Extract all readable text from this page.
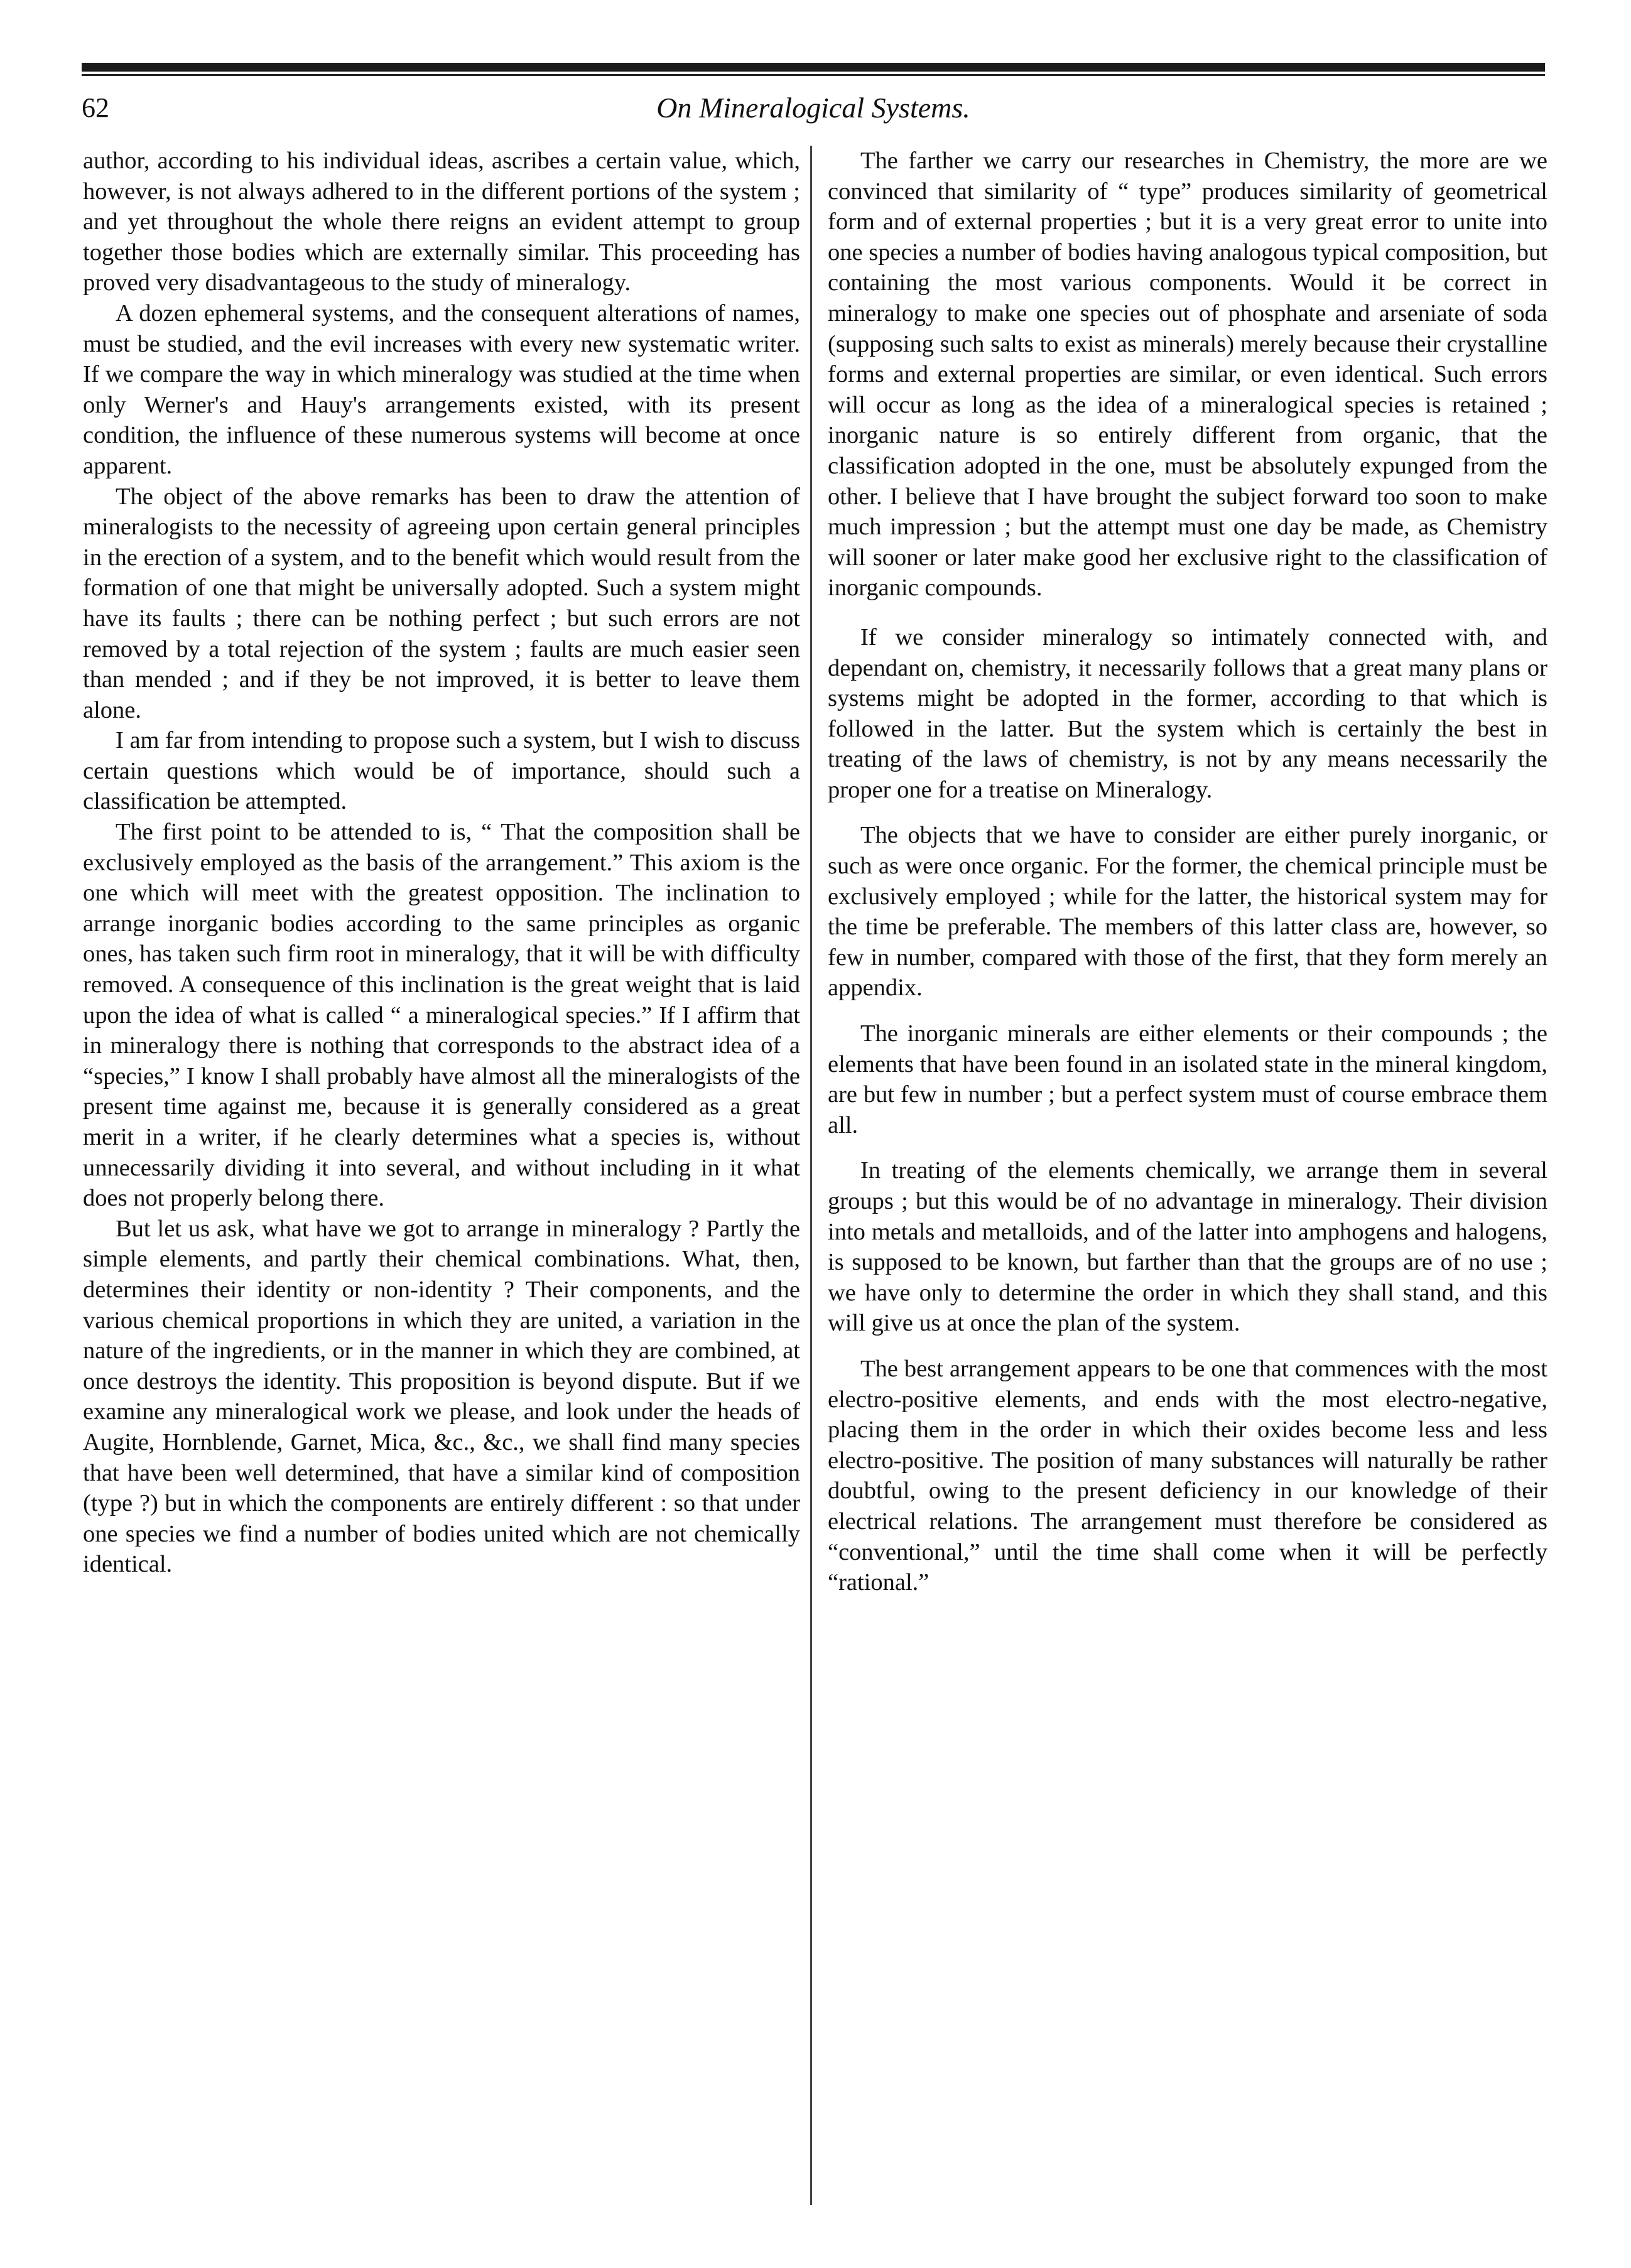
62	On Mineralogical Systems.

author, according to his individual ideas, ascribes a certain value, which, however, is not always adhered to in the different portions of the system ; and yet throughout the whole there reigns an evident attempt to group together those bodies which are externally similar. This proceeding has proved very disadvantageous to the study of mineralogy.

A dozen ephemeral systems, and the consequent alterations of names, must be studied, and the evil increases with every new systematic writer. If we compare the way in which mineralogy was studied at the time when only Werner's and Hauy's arrangements existed, with its present condition, the influence of these numerous systems will become at once apparent.

The object of the above remarks has been to draw the attention of mineralogists to the necessity of agreeing upon certain general principles in the erection of a system, and to the benefit which would result from the formation of one that might be universally adopted. Such a system might have its faults ; there can be nothing perfect ; but such errors are not removed by a total rejection of the system ; faults are much easier seen than mended ; and if they be not improved, it is better to leave them alone.

I am far from intending to propose such a system, but I wish to discuss certain questions which would be of importance, should such a classification be attempted.

The first point to be attended to is, “ That the composition shall be exclusively employed as the basis of the arrangement.” This axiom is the one which will meet with the greatest opposition. The inclination to arrange inorganic bodies according to the same principles as organic ones, has taken such firm root in mineralogy, that it will be with difficulty removed. A consequence of this inclination is the great weight that is laid upon the idea of what is called “ a mineralogical species.” If I affirm that in mineralogy there is nothing that corresponds to the abstract idea of a “species,” I know I shall probably have almost all the mineralogists of the present time against me, because it is generally considered as a great merit in a writer, if he clearly determines what a species is, without unnecessarily dividing it into several, and without including in it what does not properly belong there.

But let us ask, what have we got to arrange in mineralogy ? Partly the simple elements, and partly their chemical combinations. What, then, determines their identity or non-identity ? Their components, and the various chemical proportions in which they are united, a variation in the nature of the ingredients, or in the manner in which they are combined, at once destroys the identity. This proposition is beyond dispute. But if we examine any mineralogical work we please, and look under the heads of Augite, Hornblende, Garnet, Mica, &c., &c., we shall find many species that have been well determined, that have a similar kind of composition (type ?) but in which the components are entirely different : so that under one species we find a number of bodies united which are not chemically identical.

The farther we carry our researches in Chemistry, the more are we convinced that similarity of “ type” produces similarity of geometrical form and of external properties ; but it is a very great error to unite into one species a number of bodies having analogous typical composition, but containing the most various components. Would it be correct in mineralogy to make one species out of phosphate and arseniate of soda (supposing such salts to exist as minerals) merely because their crystalline forms and external properties are similar, or even identical. Such errors will occur as long as the idea of a mineralogical species is retained ; inorganic nature is so entirely different from organic, that the classification adopted in the one, must be absolutely expunged from the other. I believe that I have brought the subject forward too soon to make much impression ; but the attempt must one day be made, as Chemistry will sooner or later make good her exclusive right to the classification of inorganic compounds.

If we consider mineralogy so intimately connected with, and dependant on, chemistry, it necessarily follows that a great many plans or systems might be adopted in the former, according to that which is followed in the latter. But the system which is certainly the best in treating of the laws of chemistry, is not by any means necessarily the proper one for a treatise on Mineralogy.

The objects that we have to consider are either purely inorganic, or such as were once organic. For the former, the chemical principle must be exclusively employed ; while for the latter, the historical system may for the time be preferable. The members of this latter class are, however, so few in number, compared with those of the first, that they form merely an appendix.

The inorganic minerals are either elements or their compounds ; the elements that have been found in an isolated state in the mineral kingdom, are but few in number ; but a perfect system must of course embrace them all.

In treating of the elements chemically, we arrange them in several groups ; but this would be of no advantage in mineralogy. Their division into metals and metalloids, and of the latter into amphogens and halogens, is supposed to be known, but farther than that the groups are of no use ; we have only to determine the order in which they shall stand, and this will give us at once the plan of the system.

The best arrangement appears to be one that commences with the most electro-positive elements, and ends with the most electro-negative, placing them in the order in which their oxides become less and less electro-positive. The position of many substances will naturally be rather doubtful, owing to the present deficiency in our knowledge of their electrical relations. The arrangement must therefore be considered as “conventional,” until the time shall come when it will be perfectly “rational.”
